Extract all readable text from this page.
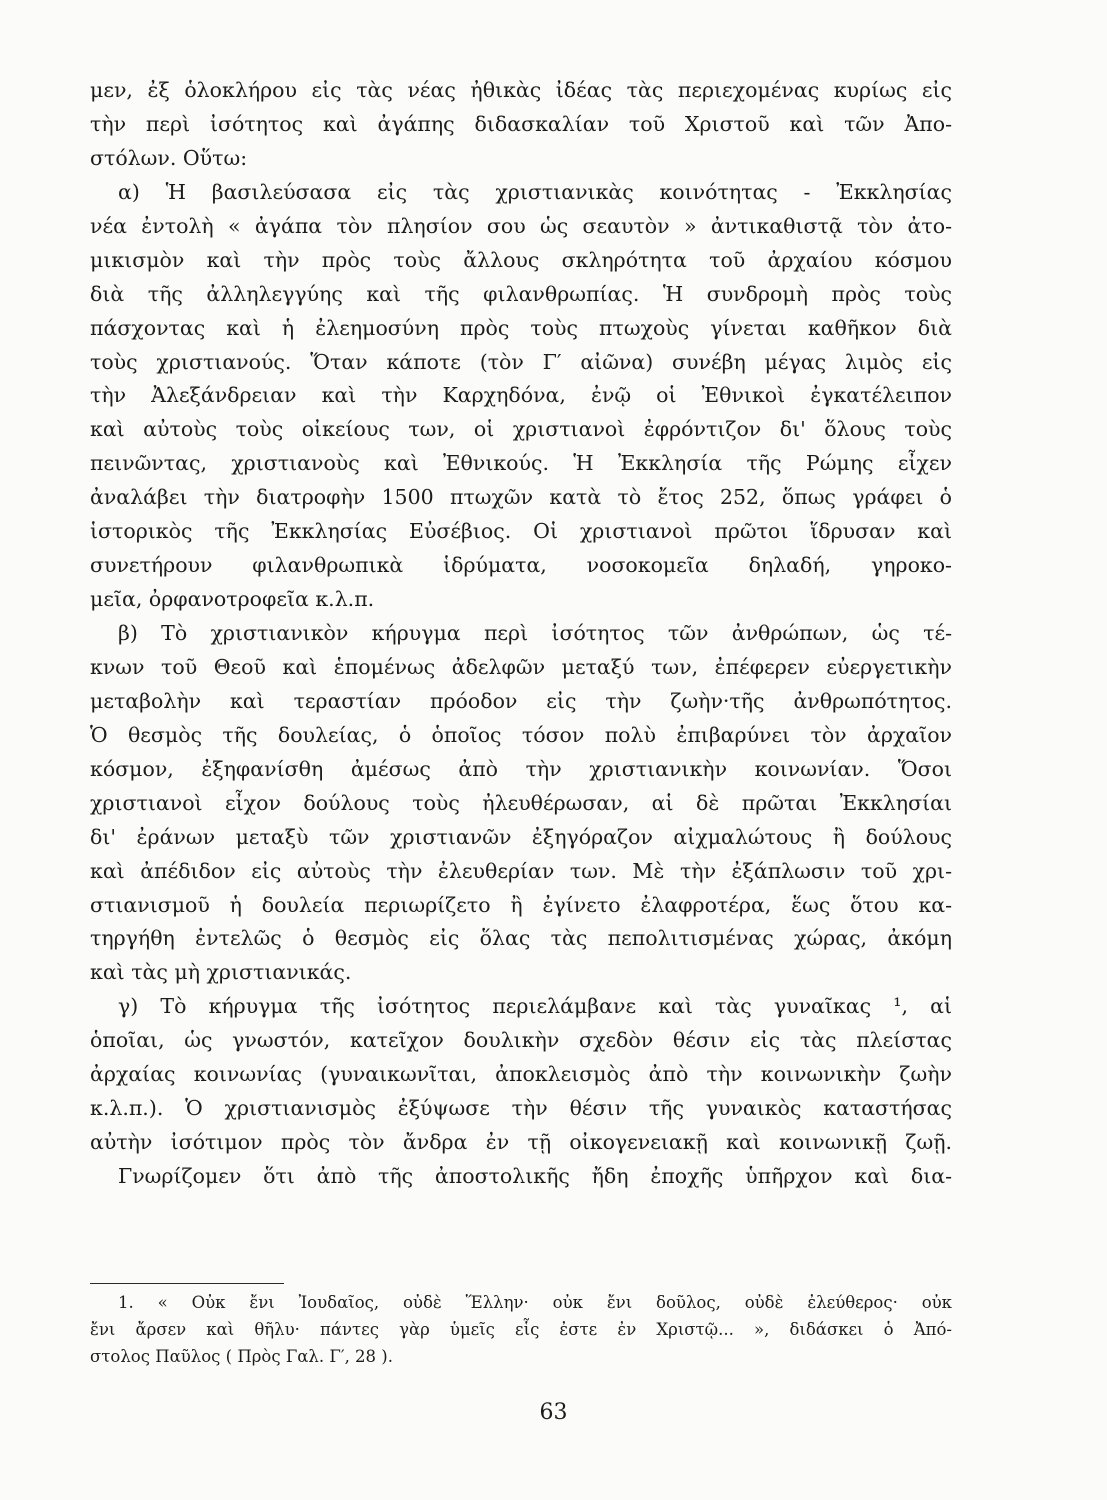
μεν, ἐξ ὁλοκλήρου εἰς τὰς νέας ἠθικὰς ἰδέας τὰς περιεχομένας κυρίως εἰς
τὴν περὶ ἰσότητος καὶ ἀγάπης διδασκαλίαν τοῦ Χριστοῦ καὶ τῶν Ἀπο-
στόλων. Οὕτω:
α) Ἡ βασιλεύσασα εἰς τὰς χριστιανικὰς κοινότητας - Ἐκκλησίας
νέα ἐντολὴ « ἀγάπα τὸν πλησίον σου ὡς σεαυτὸν » ἀντικαθιστᾷ τὸν ἀτο-
μικισμὸν καὶ τὴν πρὸς τοὺς ἄλλους σκληρότητα τοῦ ἀρχαίου κόσμου
διὰ τῆς ἀλληλεγγύης καὶ τῆς φιλανθρωπίας. Ἡ συνδρομὴ πρὸς τοὺς
πάσχοντας καὶ ἡ ἐλεημοσύνη πρὸς τοὺς πτωχοὺς γίνεται καθῆκον διὰ
τοὺς χριστιανούς. Ὅταν κάποτε (τὸν Γ′ αἰῶνα) συνέβη μέγας λιμὸς εἰς
τὴν Ἀλεξάνδρειαν καὶ τὴν Καρχηδόνα, ἐνῷ οἱ Ἐθνικοὶ ἐγκατέλειπον
καὶ αὐτοὺς τοὺς οἰκείους των, οἱ χριστιανοὶ ἐφρόντιζον δι' ὅλους τοὺς
πεινῶντας, χριστιανοὺς καὶ Ἐθνικούς. Ἡ Ἐκκλησία τῆς Ρώμης εἶχεν
ἀναλάβει τὴν διατροφὴν 1500 πτωχῶν κατὰ τὸ ἔτος 252, ὅπως γράφει ὁ
ἱστορικὸς τῆς Ἐκκλησίας Εὐσέβιος. Οἱ χριστιανοὶ πρῶτοι ἵδρυσαν καὶ
συνετήρουν φιλανθρωπικὰ ἱδρύματα, νοσοκομεῖα δηλαδή, γηροκο-
μεῖα, ὀρφανοτροφεῖα κ.λ.π.
β) Τὸ χριστιανικὸν κήρυγμα περὶ ἰσότητος τῶν ἀνθρώπων, ὡς τέ-
κνων τοῦ Θεοῦ καὶ ἑπομένως ἀδελφῶν μεταξύ των, ἐπέφερεν εὐεργετικὴν
μεταβολὴν καὶ τεραστίαν πρόοδον εἰς τὴν ζωὴν·τῆς ἀνθρωπότητος.
Ὁ θεσμὸς τῆς δουλείας, ὁ ὁποῖος τόσον πολὺ ἐπιβαρύνει τὸν ἀρχαῖον
κόσμον, ἐξηφανίσθη ἀμέσως ἀπὸ τὴν χριστιανικὴν κοινωνίαν. Ὅσοι
χριστιανοὶ εἶχον δούλους τοὺς ἠλευθέρωσαν, αἱ δὲ πρῶται Ἐκκλησίαι
δι' ἐράνων μεταξὺ τῶν χριστιανῶν ἐξηγόραζον αἰχμαλώτους ἢ δούλους
καὶ ἀπέδιδον εἰς αὐτοὺς τὴν ἐλευθερίαν των. Μὲ τὴν ἐξάπλωσιν τοῦ χρι-
στιανισμοῦ ἡ δουλεία περιωρίζετο ἢ ἐγίνετο ἐλαφροτέρα, ἕως ὅτου κα-
τηργήθη ἐντελῶς ὁ θεσμὸς εἰς ὅλας τὰς πεπολιτισμένας χώρας, ἀκόμη
καὶ τὰς μὴ χριστιανικάς.
γ) Τὸ κήρυγμα τῆς ἰσότητος περιελάμβανε καὶ τὰς γυναῖκας ¹, αἱ
ὁποῖαι, ὡς γνωστόν, κατεῖχον δουλικὴν σχεδὸν θέσιν εἰς τὰς πλείστας
ἀρχαίας κοινωνίας (γυναικωνῖται, ἀποκλεισμὸς ἀπὸ τὴν κοινωνικὴν ζωὴν
κ.λ.π.). Ὁ χριστιανισμὸς ἐξύψωσε τὴν θέσιν τῆς γυναικὸς καταστήσας
αὐτὴν ἰσότιμον πρὸς τὸν ἄνδρα ἐν τῇ οἰκογενειακῇ καὶ κοινωνικῇ ζωῇ.
Γνωρίζομεν ὅτι ἀπὸ τῆς ἀποστολικῆς ἤδη ἐποχῆς ὑπῆρχον καὶ δια-
1. « Οὐκ ἔνι Ἰουδαῖος, οὐδὲ Ἕλλην· οὐκ ἔνι δοῦλος, οὐδὲ ἐλεύθερος· οὐκ
ἔνι ἄρσεν καὶ θῆλυ· πάντες γὰρ ὑμεῖς εἷς ἐστε ἐν Χριστῷ... », διδάσκει ὁ Ἀπό-
στολος Παῦλος ( Πρὸς Γαλ. Γ′, 28 ).
63
